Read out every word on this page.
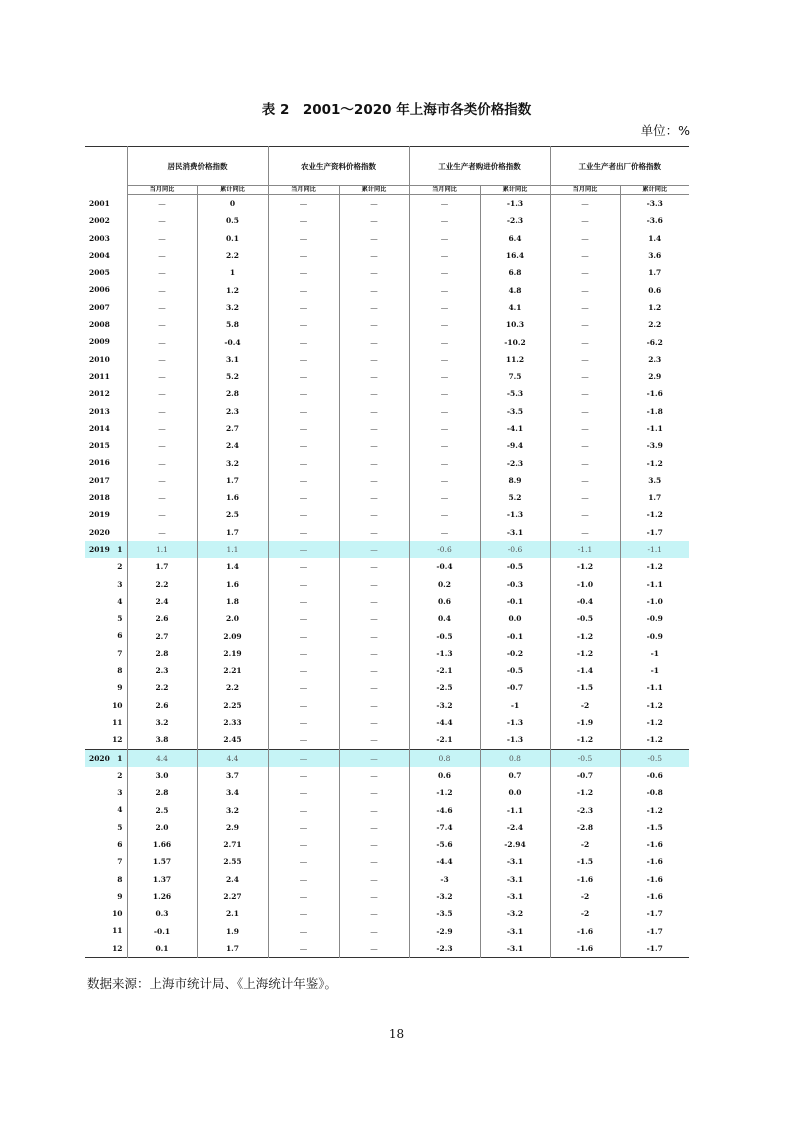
表 2　2001～2020 年上海市各类价格指数
单位：%
	居民消费价格指数		农业生产资料价格指数		工业生产者购进价格指数		工业生产者出厂价格指数	
	当月同比	累计同比	当月同比	累计同比	当月同比	累计同比	当月同比	累计同比

2001	—	0	—	—	—	-1.3	—	-3.3

2002	—	0.5	—	—	—	-2.3	—	-3.6

2003	—	0.1	—	—	—	6.4	—	1.4

2004	—	2.2	—	—	—	16.4	—	3.6

2005	—	1	—	—	—	6.8	—	1.7

2006	—	1.2	—	—	—	4.8	—	0.6

2007	—	3.2	—	—	—	4.1	—	1.2

2008	—	5.8	—	—	—	10.3	—	2.2

2009	—	-0.4	—	—	—	-10.2	—	-6.2

2010	—	3.1	—	—	—	11.2	—	2.3

2011	—	5.2	—	—	—	7.5	—	2.9

2012	—	2.8	—	—	—	-5.3	—	-1.6

2013	—	2.3	—	—	—	-3.5	—	-1.8

2014	—	2.7	—	—	—	-4.1	—	-1.1

2015	—	2.4	—	—	—	-9.4	—	-3.9

2016	—	3.2	—	—	—	-2.3	—	-1.2

2017	—	1.7	—	—	—	8.9	—	3.5

2018	—	1.6	—	—	—	5.2	—	1.7

2019	—	2.5	—	—	—	-1.3	—	-1.2

2020	—	1.7	—	—	—	-3.1	—	-1.7

2019 1	1.1	1.1	—	—	-0.6	-0.6	-1.1	-1.1

2	1.7	1.4	—	—	-0.4	-0.5	-1.2	-1.2

3	2.2	1.6	—	—	0.2	-0.3	-1.0	-1.1

4	2.4	1.8	—	—	0.6	-0.1	-0.4	-1.0

5	2.6	2.0	—	—	0.4	0.0	-0.5	-0.9

6	2.7	2.09	—	—	-0.5	-0.1	-1.2	-0.9

7	2.8	2.19	—	—	-1.3	-0.2	-1.2	-1

8	2.3	2.21	—	—	-2.1	-0.5	-1.4	-1

9	2.2	2.2	—	—	-2.5	-0.7	-1.5	-1.1

10	2.6	2.25	—	—	-3.2	-1	-2	-1.2

11	3.2	2.33	—	—	-4.4	-1.3	-1.9	-1.2

12	3.8	2.45	—	—	-2.1	-1.3	-1.2	-1.2

2020 1	4.4	4.4	—	—	0.8	0.8	-0.5	-0.5

2	3.0	3.7	—	—	0.6	0.7	-0.7	-0.6

3	2.8	3.4	—	—	-1.2	0.0	-1.2	-0.8

4	2.5	3.2	—	—	-4.6	-1.1	-2.3	-1.2

5	2.0	2.9	—	—	-7.4	-2.4	-2.8	-1.5

6	1.66	2.71	—	—	-5.6	-2.94	-2	-1.6

7	1.57	2.55	—	—	-4.4	-3.1	-1.5	-1.6

8	1.37	2.4	—	—	-3	-3.1	-1.6	-1.6

9	1.26	2.27	—	—	-3.2	-3.1	-2	-1.6

10	0.3	2.1	—	—	-3.5	-3.2	-2	-1.7

11	-0.1	1.9	—	—	-2.9	-3.1	-1.6	-1.7

12	0.1	1.7	—	—	-2.3	-3.1	-1.6	-1.7
数据来源：上海市统计局、《上海统计年鉴》。
18
